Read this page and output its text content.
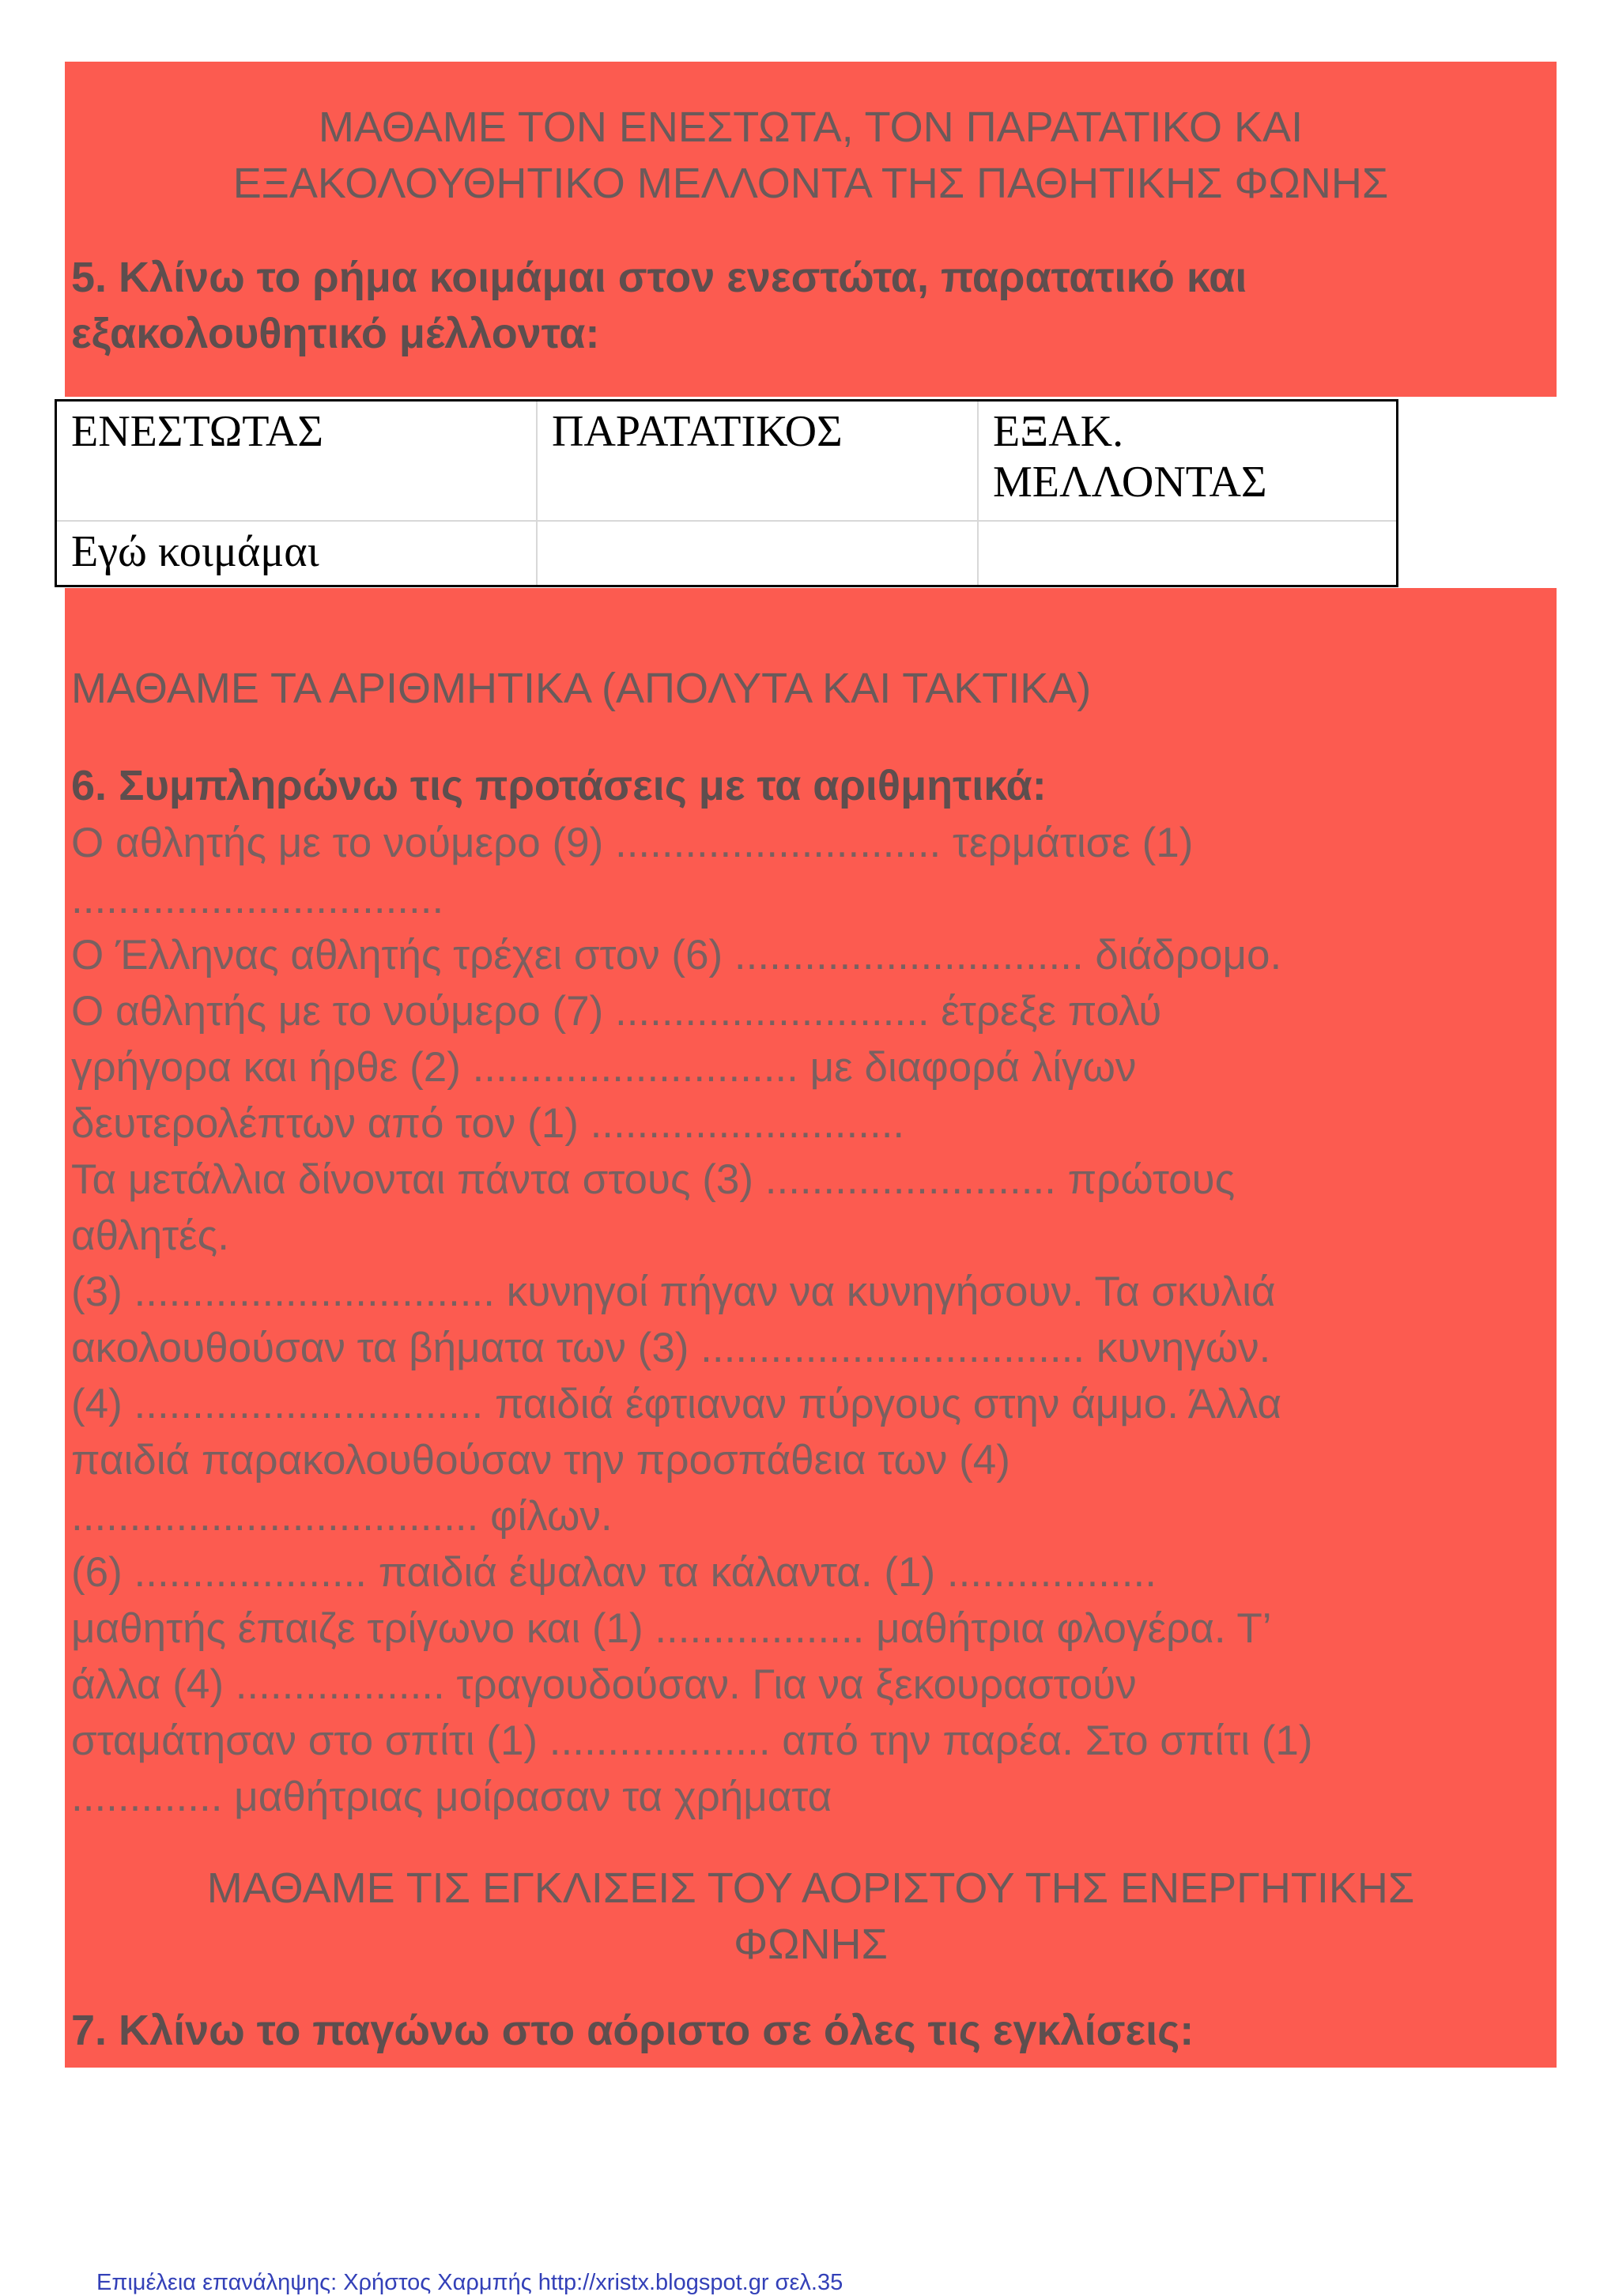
ΜΑΘΑΜΕ ΤΟΝ ΕΝΕΣΤΩΤΑ, ΤΟΝ ΠΑΡΑΤΑΤΙΚΟ ΚΑΙ
ΕΞΑΚΟΛΟΥΘΗΤΙΚΟ ΜΕΛΛΟΝΤΑ ΤΗΣ ΠΑΘΗΤΙΚΗΣ ΦΩΝΗΣ
5. Κλίνω το ρήμα κοιμάμαι στον ενεστώτα, παρατατικό και
εξακολουθητικό μέλλοντα:
ΕΝΕΣΤΩΤΑΣ	ΠΑΡΑΤΑΤΙΚΟΣ	ΕΞΑΚ. ΜΕΛΛΟΝΤΑΣ
Εγώ κοιμάμαι		
ΜΑΘΑΜΕ ΤΑ ΑΡΙΘΜΗΤΙΚΑ (ΑΠΟΛΥΤΑ ΚΑΙ ΤΑΚΤΙΚΑ)
6. Συμπληρώνω τις προτάσεις με τα αριθμητικά:
Ο αθλητής με το νούμερο (9) ............................ τερμάτισε (1)
................................
Ο Έλληνας αθλητής τρέχει στον (6) .............................. διάδρομο.
Ο αθλητής με το νούμερο (7) ........................... έτρεξε πολύ
γρήγορα και ήρθε (2) ............................ με διαφορά λίγων
δευτερολέπτων από τον (1) ...........................
Τα μετάλλια δίνονται πάντα στους (3) ......................... πρώτους
αθλητές.
(3) ............................... κυνηγοί πήγαν να κυνηγήσουν. Τα σκυλιά
ακολουθούσαν τα βήματα των (3) ................................. κυνηγών.
(4) .............................. παιδιά έφτιαναν πύργους στην άμμο. Άλλα
παιδιά παρακολουθούσαν την προσπάθεια των (4)
................................... φίλων.
(6) .................... παιδιά έψαλαν τα κάλαντα. (1) ..................
μαθητής έπαιζε τρίγωνο και (1) .................. μαθήτρια φλογέρα. Τ’
άλλα (4) .................. τραγουδούσαν. Για να ξεκουραστούν
σταμάτησαν στο σπίτι (1) ................... από την παρέα. Στο σπίτι (1)
............. μαθήτριας μοίρασαν τα χρήματα
ΜΑΘΑΜΕ ΤΙΣ ΕΓΚΛΙΣΕΙΣ ΤΟΥ ΑΟΡΙΣΤΟΥ ΤΗΣ ΕΝΕΡΓΗΤΙΚΗΣ
ΦΩΝΗΣ
7. Κλίνω το παγώνω στο αόριστο σε όλες τις εγκλίσεις:
Επιμέλεια επανάληψης: Χρήστος Χαρμπής http://xristx.blogspot.gr σελ.35
